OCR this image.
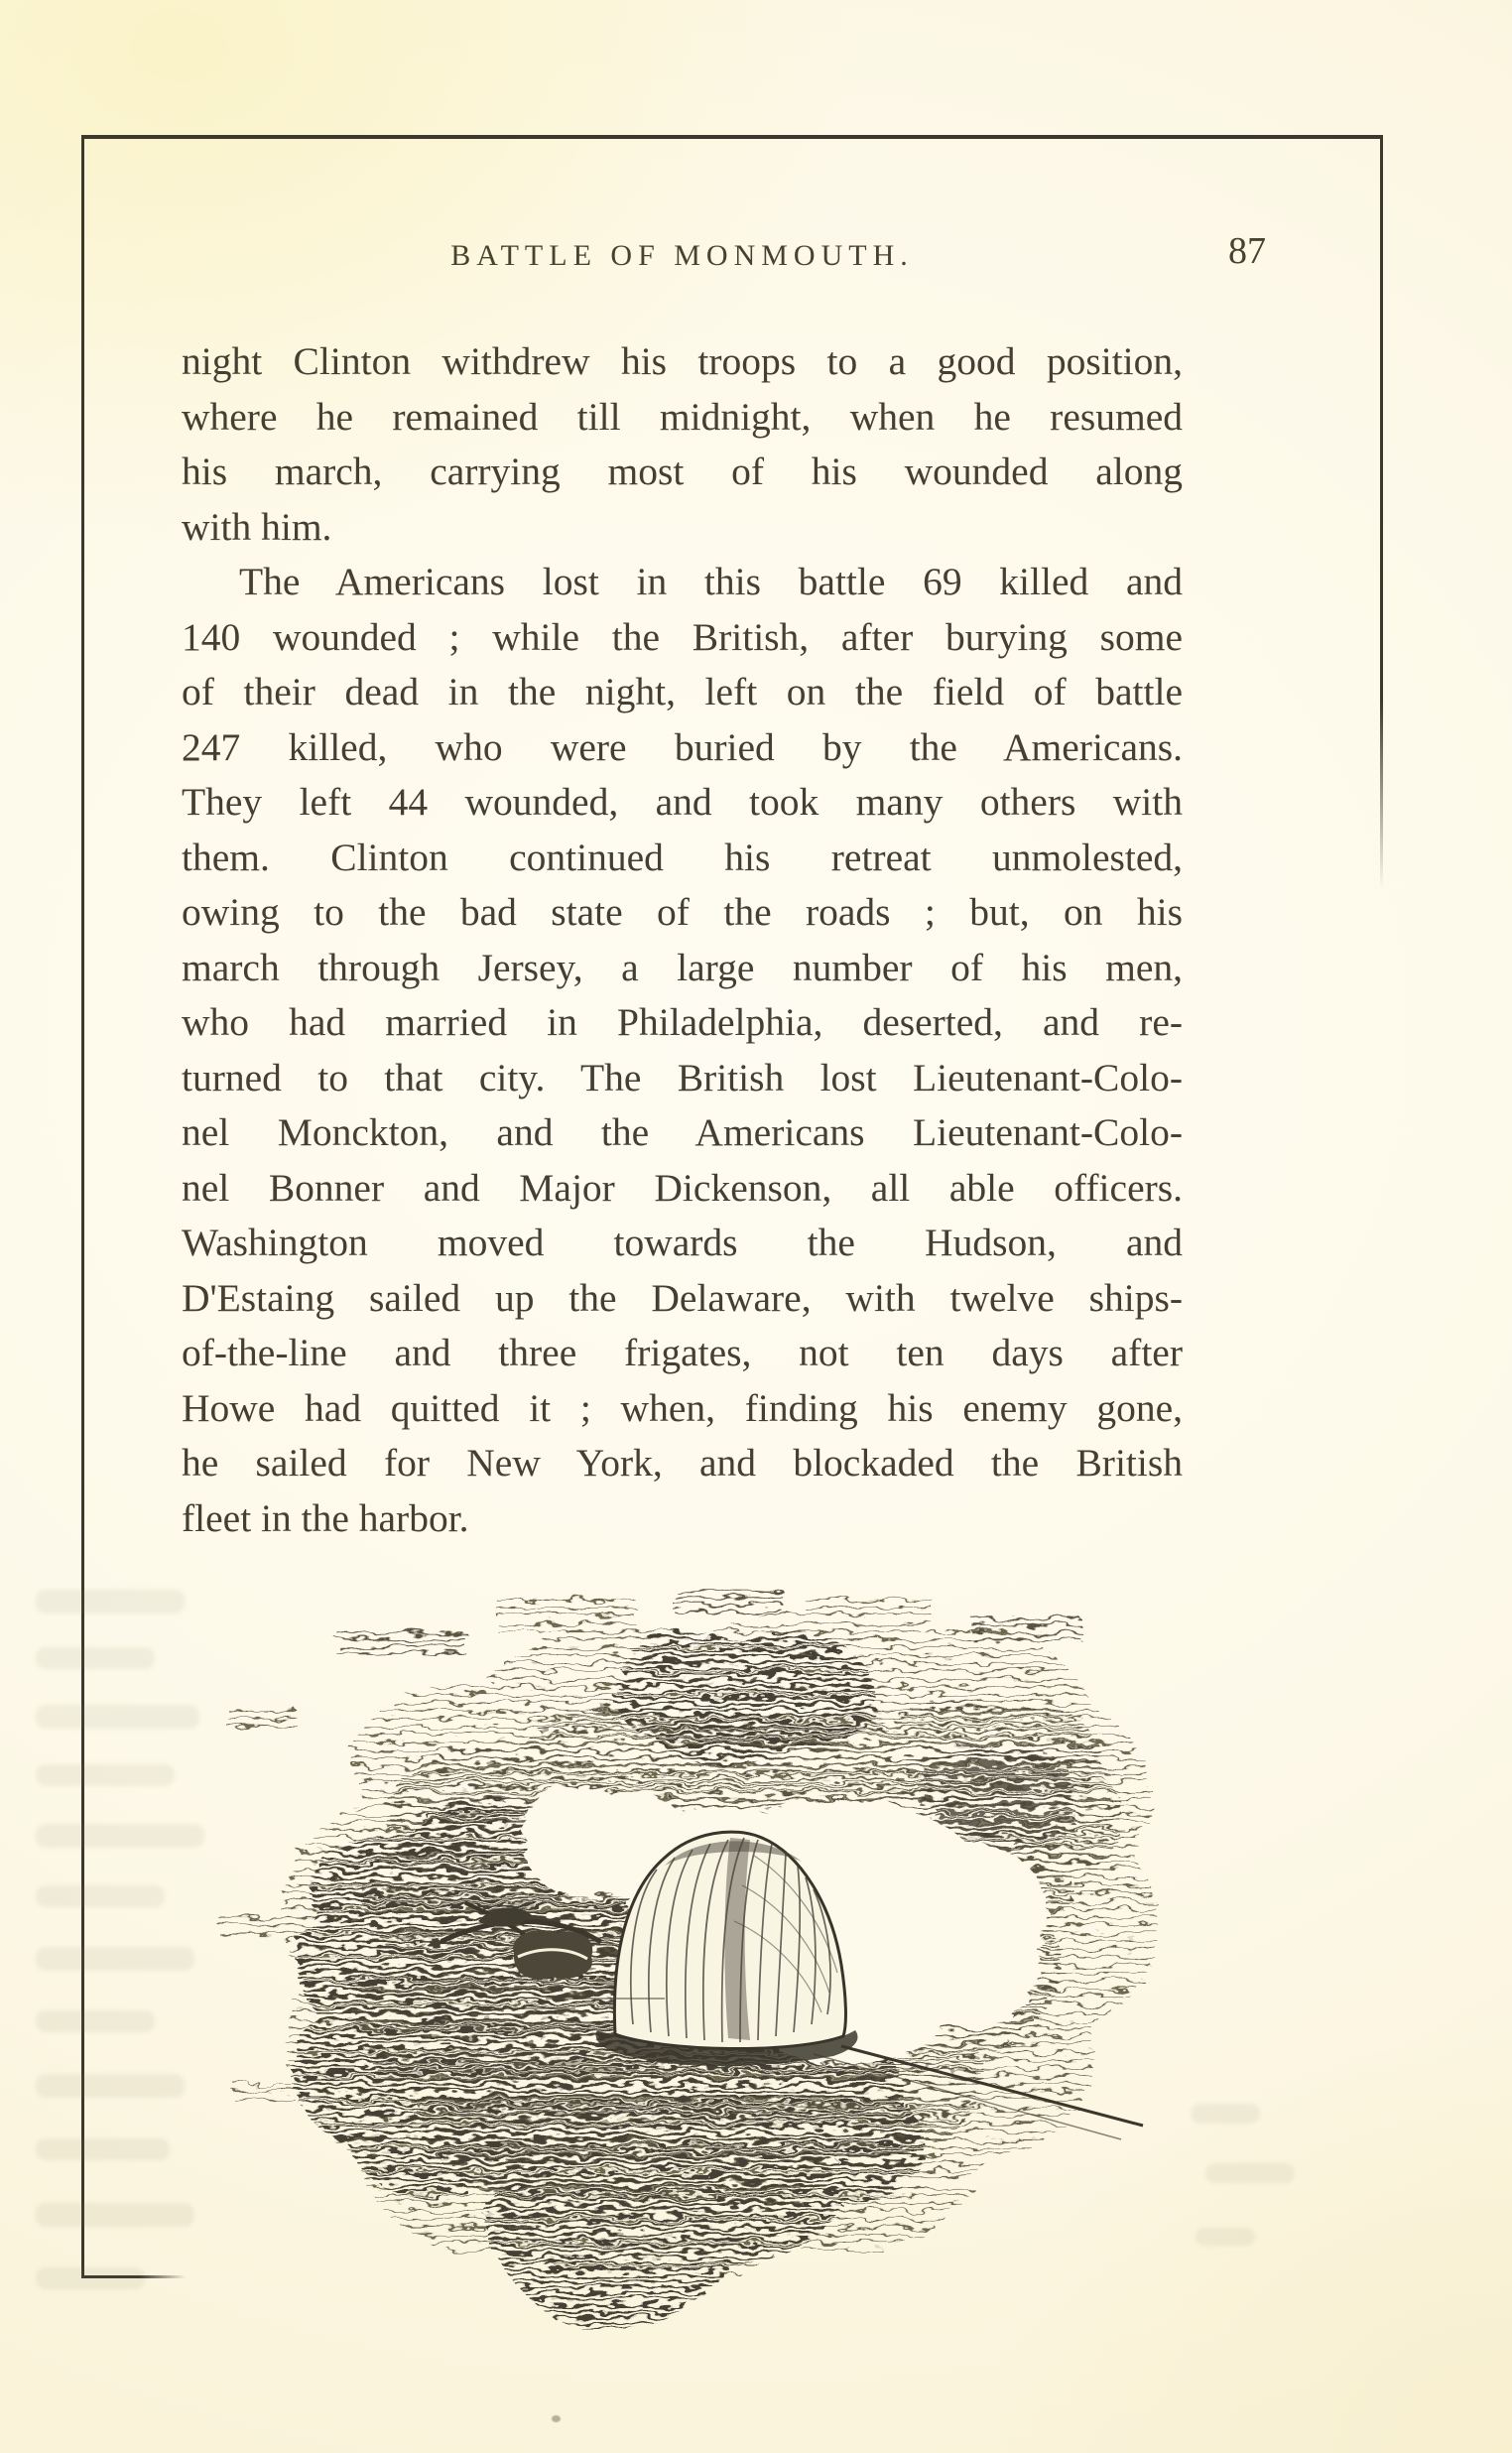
BATTLE OF MONMOUTH.	87
night Clinton withdrew his troops to a good position,
where he remained till midnight, when he resumed
his march, carrying most of his wounded along
with him.
The Americans lost in this battle 69 killed and
140 wounded ; while the British, after burying some
of their dead in the night, left on the field of battle
247 killed, who were buried by the Americans.
They left 44 wounded, and took many others with
them. Clinton continued his retreat unmolested,
owing to the bad state of the roads ; but, on his
march through Jersey, a large number of his men,
who had married in Philadelphia, deserted, and re-
turned to that city. The British lost Lieutenant-Colo-
nel Monckton, and the Americans Lieutenant-Colo-
nel Bonner and Major Dickenson, all able officers.
Washington moved towards the Hudson, and
D'Estaing sailed up the Delaware, with twelve ships-
of-the-line and three frigates, not ten days after
Howe had quitted it ; when, finding his enemy gone,
he sailed for New York, and blockaded the British
fleet in the harbor.
